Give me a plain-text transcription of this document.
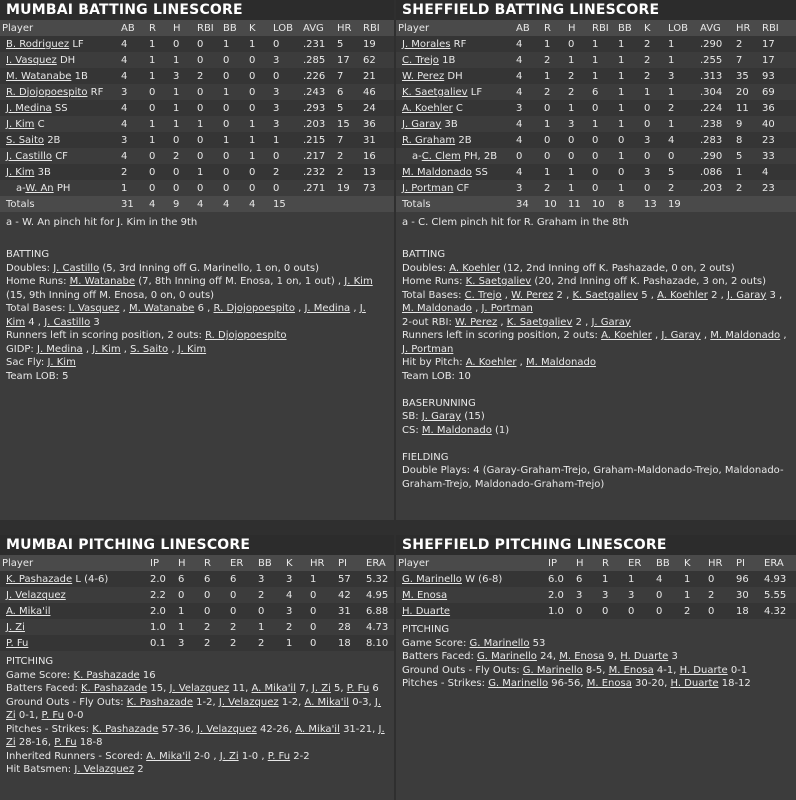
MUMBAI BATTING LINESCORE
Player	AB	R	H	RBI	BB	K	LOB	AVG	HR	RBI
B. Rodriguez LF	4	1	0	0	1	1	0	.231	5	19
I. Vasquez DH	4	1	1	0	0	0	3	.285	17	62
M. Watanabe 1B	4	1	3	2	0	0	0	.226	7	21
R. Djojopoespito RF	3	0	1	0	1	0	3	.243	6	46
J. Medina SS	4	0	1	0	0	0	3	.293	5	24
J. Kim C	4	1	1	1	0	1	3	.203	15	36
S. Saito 2B	3	1	0	0	1	1	1	.215	7	31
J. Castillo CF	4	0	2	0	0	1	0	.217	2	16
J. Kim 3B	2	0	0	1	0	0	2	.232	2	13
a-W. An PH	1	0	0	0	0	0	0	.271	19	73
Totals	31	4	9	4	4	4	15			

a - W. An pinch hit for J. Kim in the 9th

BATTING

Doubles: J. Castillo (5, 3rd Inning off G. Marinello, 1 on, 0 outs)

Home Runs: M. Watanabe (7, 8th Inning off M. Enosa, 1 on, 1 out) , J. Kim (15, 9th Inning off M. Enosa, 0 on, 0 outs)

Total Bases: I. Vasquez , M. Watanabe 6 , R. Djojopoespito , J. Medina , J. Kim 4 , J. Castillo 3

Runners left in scoring position, 2 outs: R. Djojopoespito

GIDP: J. Medina , J. Kim , S. Saito , J. Kim

Sac Fly: J. Kim

Team LOB: 5

SHEFFIELD BATTING LINESCORE
Player	AB	R	H	RBI	BB	K	LOB	AVG	HR	RBI
J. Morales RF	4	1	0	1	1	2	1	.290	2	17
C. Trejo 1B	4	2	1	1	1	2	1	.255	7	17
W. Perez DH	4	1	2	1	1	2	3	.313	35	93
K. Saetgaliev LF	4	2	2	6	1	1	1	.304	20	69
A. Koehler C	3	0	1	0	1	0	2	.224	11	36
J. Garay 3B	4	1	3	1	1	0	1	.238	9	40
R. Graham 2B	4	0	0	0	0	3	4	.283	8	23
a-C. Clem PH, 2B	0	0	0	0	1	0	0	.290	5	33
M. Maldonado SS	4	1	1	0	0	3	5	.086	1	4
J. Portman CF	3	2	1	0	1	0	2	.203	2	23
Totals	34	10	11	10	8	13	19			

a - C. Clem pinch hit for R. Graham in the 8th

BATTING

Doubles: A. Koehler (12, 2nd Inning off K. Pashazade, 0 on, 2 outs)

Home Runs: K. Saetgaliev (20, 2nd Inning off K. Pashazade, 3 on, 2 outs)

Total Bases: C. Trejo , W. Perez 2 , K. Saetgaliev 5 , A. Koehler 2 , J. Garay 3 , M. Maldonado , J. Portman

2-out RBI: W. Perez , K. Saetgaliev 2 , J. Garay

Runners left in scoring position, 2 outs: A. Koehler , J. Garay , M. Maldonado , J. Portman

Hit by Pitch: A. Koehler , M. Maldonado

Team LOB: 10

BASERUNNING

SB: J. Garay (15)

CS: M. Maldonado (1)

FIELDING

Double Plays: 4 (Garay-Graham-Trejo, Graham-Maldonado-Trejo, Maldonado-Graham-Trejo, Maldonado-Graham-Trejo)

MUMBAI PITCHING LINESCORE
Player	IP	H	R	ER	BB	K	HR	PI	ERA
K. Pashazade L (4-6)	2.0	6	6	6	3	3	1	57	5.32
J. Velazquez	2.2	0	0	0	2	4	0	42	4.95
A. Mika'il	2.0	1	0	0	0	3	0	31	6.88
J. Zi	1.0	1	2	2	1	2	0	28	4.73
P. Fu	0.1	3	2	2	2	1	0	18	8.10

PITCHING

Game Score: K. Pashazade 16

Batters Faced: K. Pashazade 15, J. Velazquez 11, A. Mika'il 7, J. Zi 5, P. Fu 6

Ground Outs - Fly Outs: K. Pashazade 1-2, J. Velazquez 1-2, A. Mika'il 0-3, J. Zi 0-1, P. Fu 0-0

Pitches - Strikes: K. Pashazade 57-36, J. Velazquez 42-26, A. Mika'il 31-21, J. Zi 28-16, P. Fu 18-8

Inherited Runners - Scored: A. Mika'il 2-0 , J. Zi 1-0 , P. Fu 2-2

Hit Batsmen: J. Velazquez 2

SHEFFIELD PITCHING LINESCORE
Player	IP	H	R	ER	BB	K	HR	PI	ERA
G. Marinello W (6-8)	6.0	6	1	1	4	1	0	96	4.93
M. Enosa	2.0	3	3	3	0	1	2	30	5.55
H. Duarte	1.0	0	0	0	0	2	0	18	4.32

PITCHING

Game Score: G. Marinello 53

Batters Faced: G. Marinello 24, M. Enosa 9, H. Duarte 3

Ground Outs - Fly Outs: G. Marinello 8-5, M. Enosa 4-1, H. Duarte 0-1

Pitches - Strikes: G. Marinello 96-56, M. Enosa 30-20, H. Duarte 18-12
